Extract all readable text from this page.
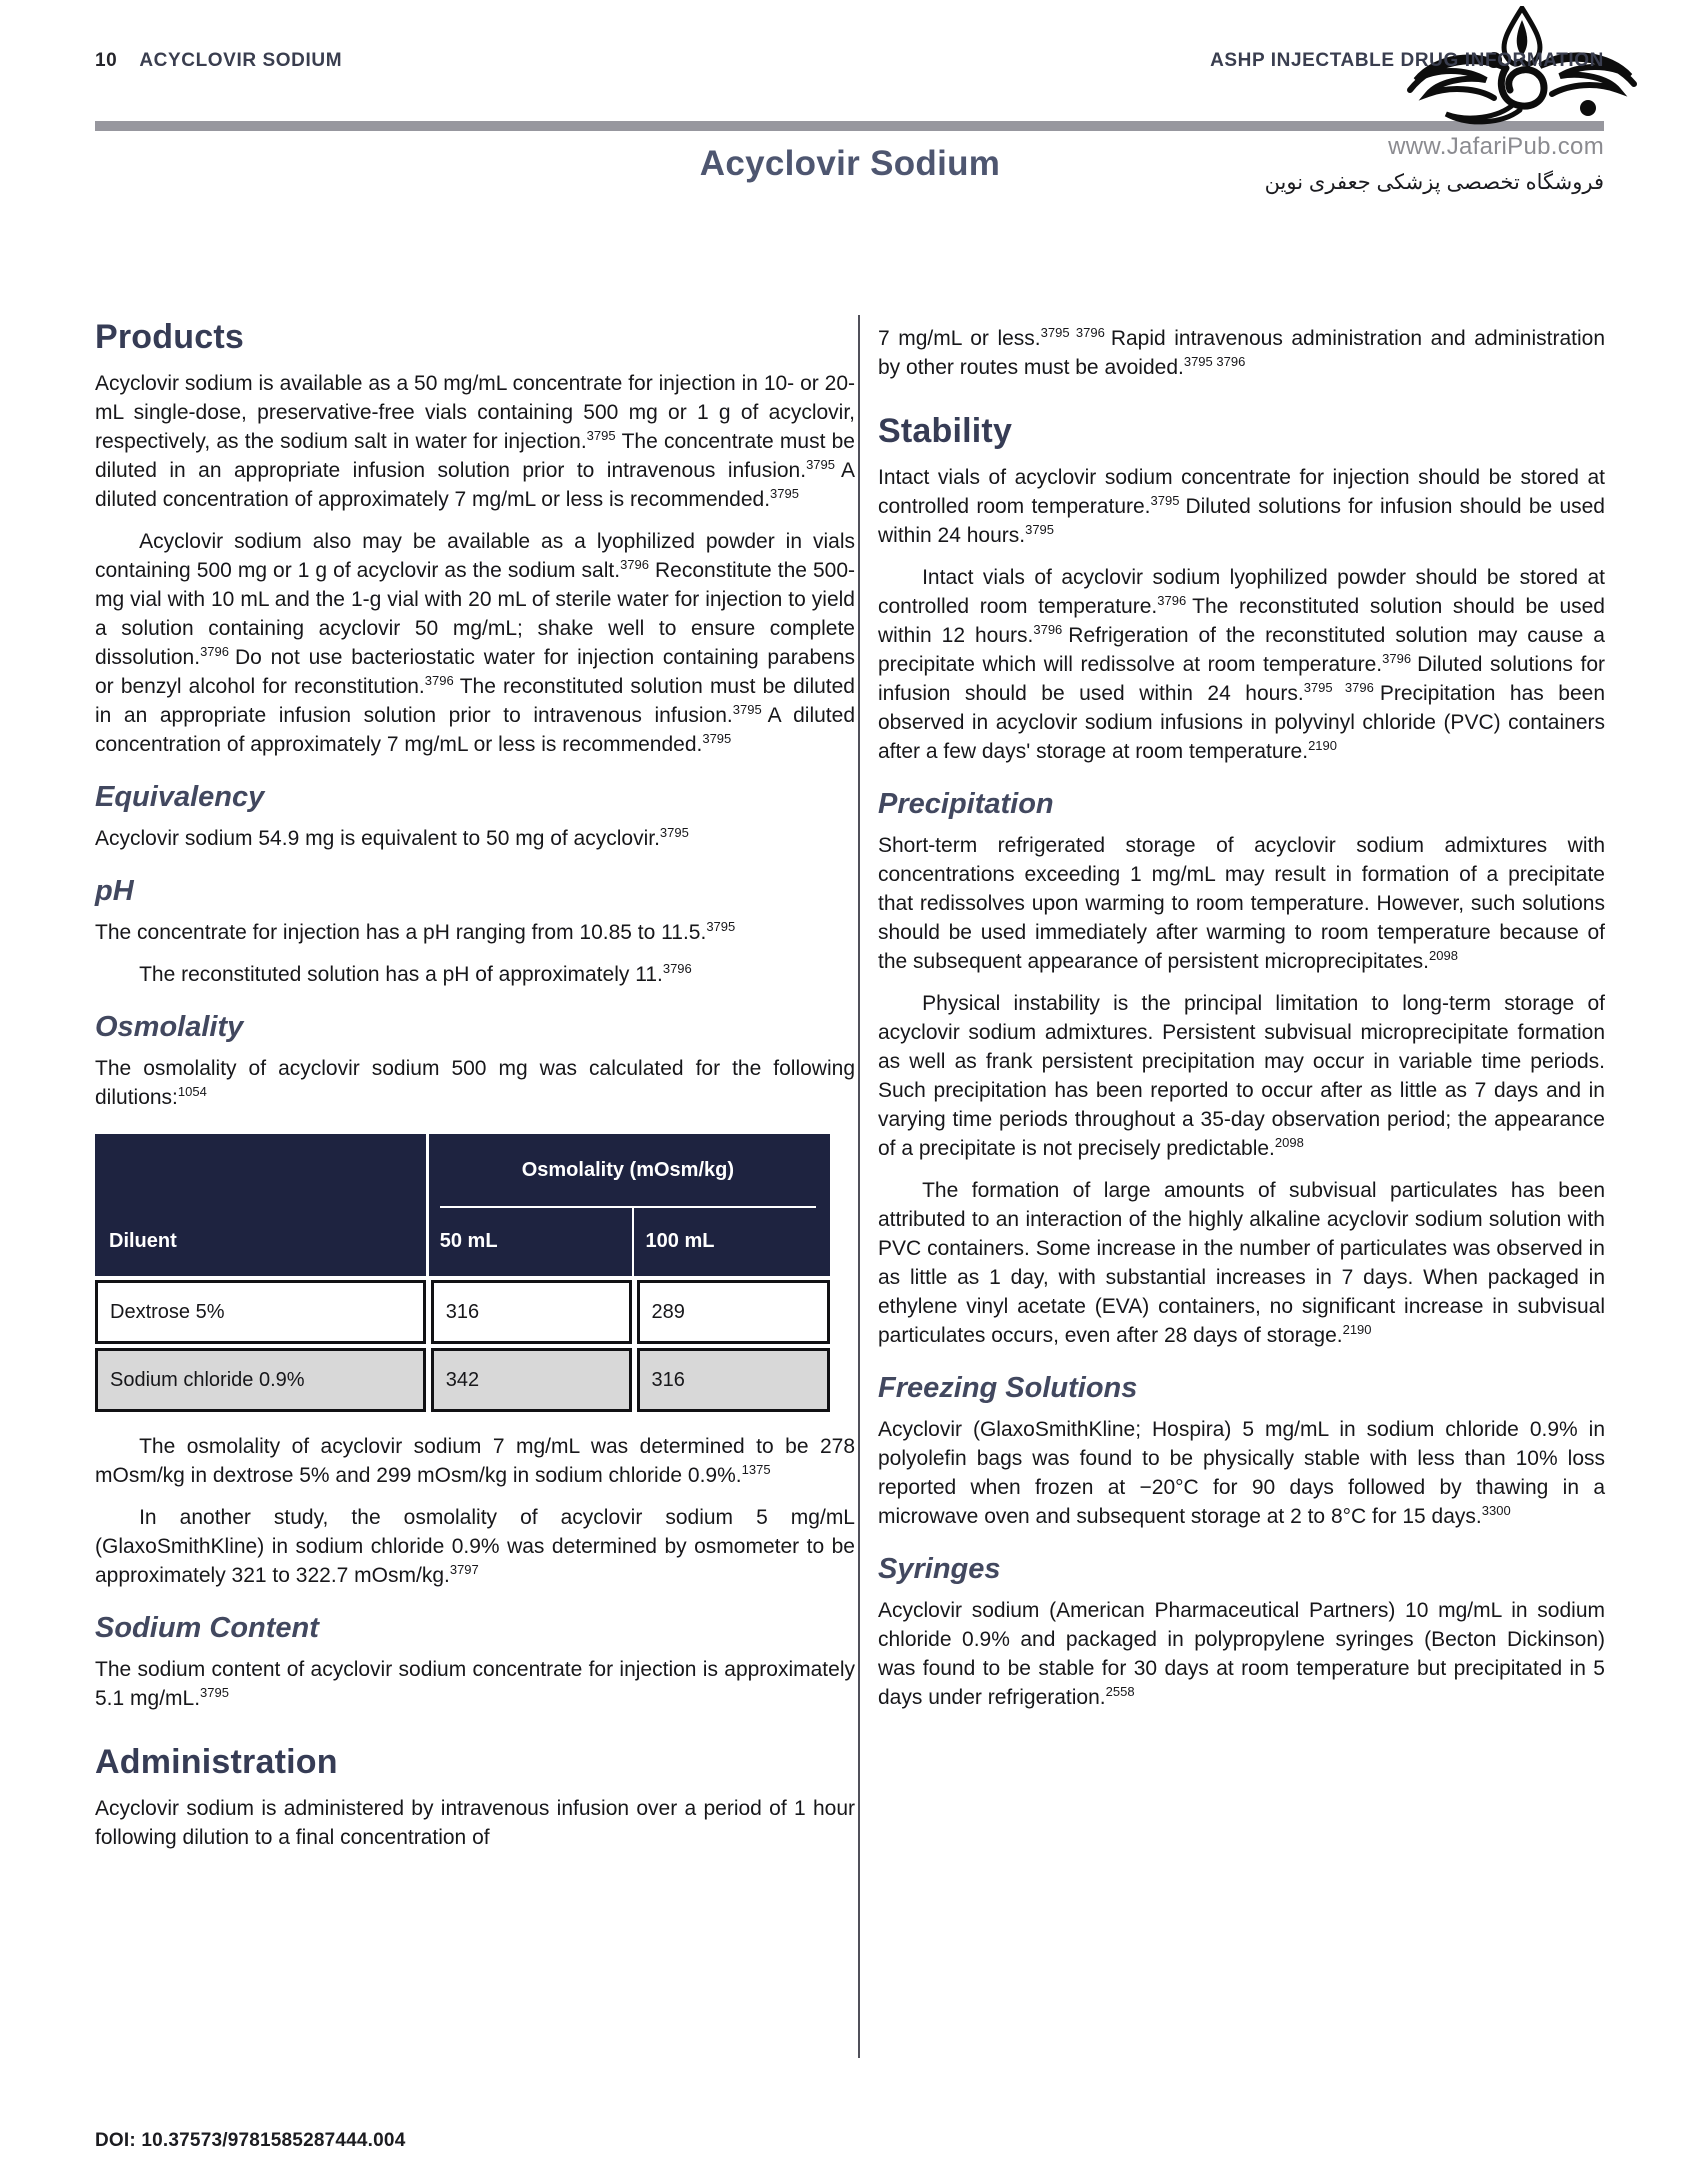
10 ACYCLOVIR SODIUM	ASHP INJECTABLE DRUG INFORMATION
www.JafariPub.com
Acyclovir Sodium	فروشگاه تخصصی پزشکی جعفری نوین
Products

Acyclovir sodium is available as a 50 mg/mL concentrate for injection in 10- or 20-mL single-dose, preservative-free vials containing 500 mg or 1 g of acyclovir, respectively, as the sodium salt in water for injection.$^{3795}$ The concentrate must be diluted in an appropriate infusion solution prior to intravenous infusion.$^{3795}$ A diluted concentration of approximately 7 mg/mL or less is recommended.$^{3795}$

Acyclovir sodium also may be available as a lyophilized powder in vials containing 500 mg or 1 g of acyclovir as the sodium salt.$^{3796}$ Reconstitute the 500-mg vial with 10 mL and the 1-g vial with 20 mL of sterile water for injection to yield a solution containing acyclovir 50 mg/mL; shake well to ensure complete dissolution.$^{3796}$ Do not use bacteriostatic water for injection containing parabens or benzyl alcohol for reconstitution.$^{3796}$ The reconstituted solution must be diluted in an appropriate infusion solution prior to intravenous infusion.$^{3795}$ A diluted concentration of approximately 7 mg/mL or less is recommended.$^{3795}$

Equivalency

Acyclovir sodium 54.9 mg is equivalent to 50 mg of acyclovir.$^{3795}$

pH

The concentrate for injection has a pH ranging from 10.85 to 11.5.$^{3795}$

The reconstituted solution has a pH of approximately 11.$^{3796}$

Osmolality

The osmolality of acyclovir sodium 500 mg was calculated for the following dilutions:$^{1054}$

Osmolality (mOsm/kg)
Diluent	50 mL	100 mL
Dextrose 5%	316	289
Sodium chloride 0.9%	342	316

The osmolality of acyclovir sodium 7 mg/mL was determined to be 278 mOsm/kg in dextrose 5% and 299 mOsm/kg in sodium chloride 0.9%.$^{1375}$

In another study, the osmolality of acyclovir sodium 5 mg/mL (GlaxoSmithKline) in sodium chloride 0.9% was determined by osmometer to be approximately 321 to 322.7 mOsm/kg.$^{3797}$

Sodium Content

The sodium content of acyclovir sodium concentrate for injection is approximately 5.1 mg/mL.$^{3795}$

Administration

Acyclovir sodium is administered by intravenous infusion over a period of 1 hour following dilution to a final concentration of

7 mg/mL or less.$^{3795 3796}$ Rapid intravenous administration and administration by other routes must be avoided.$^{3795 3796}$

Stability

Intact vials of acyclovir sodium concentrate for injection should be stored at controlled room temperature.$^{3795}$ Diluted solutions for infusion should be used within 24 hours.$^{3795}$

Intact vials of acyclovir sodium lyophilized powder should be stored at controlled room temperature.$^{3796}$ The reconstituted solution should be used within 12 hours.$^{3796}$ Refrigeration of the reconstituted solution may cause a precipitate which will redissolve at room temperature.$^{3796}$ Diluted solutions for infusion should be used within 24 hours.$^{3795 3796}$ Precipitation has been observed in acyclovir sodium infusions in polyvinyl chloride (PVC) containers after a few days' storage at room temperature.$^{2190}$

Precipitation

Short-term refrigerated storage of acyclovir sodium admixtures with concentrations exceeding 1 mg/mL may result in formation of a precipitate that redissolves upon warming to room temperature. However, such solutions should be used immediately after warming to room temperature because of the subsequent appearance of persistent microprecipitates.$^{2098}$

Physical instability is the principal limitation to long-term storage of acyclovir sodium admixtures. Persistent subvisual microprecipitate formation as well as frank persistent precipitation may occur in variable time periods. Such precipitation has been reported to occur after as little as 7 days and in varying time periods throughout a 35-day observation period; the appearance of a precipitate is not precisely predictable.$^{2098}$

The formation of large amounts of subvisual particulates has been attributed to an interaction of the highly alkaline acyclovir sodium solution with PVC containers. Some increase in the number of particulates was observed in as little as 1 day, with substantial increases in 7 days. When packaged in ethylene vinyl acetate (EVA) containers, no significant increase in subvisual particulates occurs, even after 28 days of storage.$^{2190}$

Freezing Solutions

Acyclovir (GlaxoSmithKline; Hospira) 5 mg/mL in sodium chloride 0.9% in polyolefin bags was found to be physically stable with less than 10% loss reported when frozen at −20°C for 90 days followed by thawing in a microwave oven and subsequent storage at 2 to 8°C for 15 days.$^{3300}$

Syringes

Acyclovir sodium (American Pharmaceutical Partners) 10 mg/mL in sodium chloride 0.9% and packaged in polypropylene syringes (Becton Dickinson) was found to be stable for 30 days at room temperature but precipitated in 5 days under refrigeration.$^{2558}$

DOI: 10.37573/9781585287444.004
